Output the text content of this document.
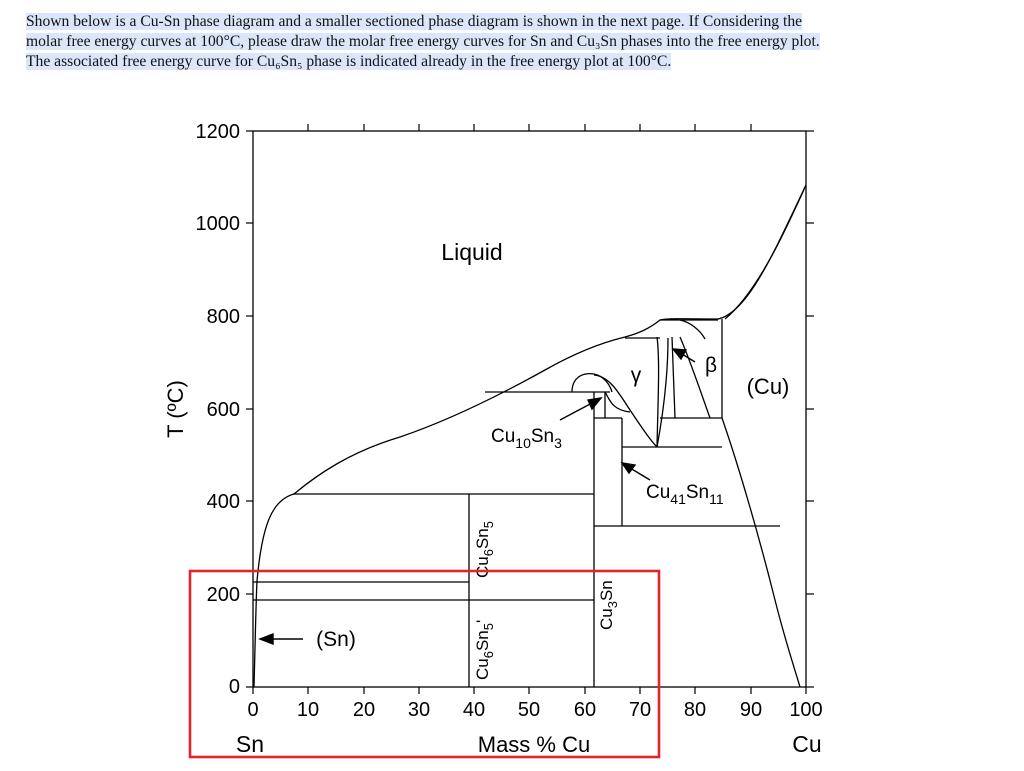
Shown below is a Cu-Sn phase diagram and a smaller sectioned phase diagram is shown in the next page. If Considering the
molar free energy curves at 100°C, please draw the molar free energy curves for Sn and Cu₃Sn phases into the free energy plot.
The associated free energy curve for Cu₆Sn₅ phase is indicated already in the free energy plot at 100°C.
0
200
400
600
800
1000
1200
0 10 20 30 40 50 60 70 80 90 100
T (ºC)
Mass % Cu
Sn	Cu
Liquid
(Sn)
(Cu)
γ	β
$Cu_{10}Sn_3$
$Cu_{41}Sn_{11}$
$Cu_6Sn_5$
$Cu_6Sn_5'$	$Cu_3Sn$
